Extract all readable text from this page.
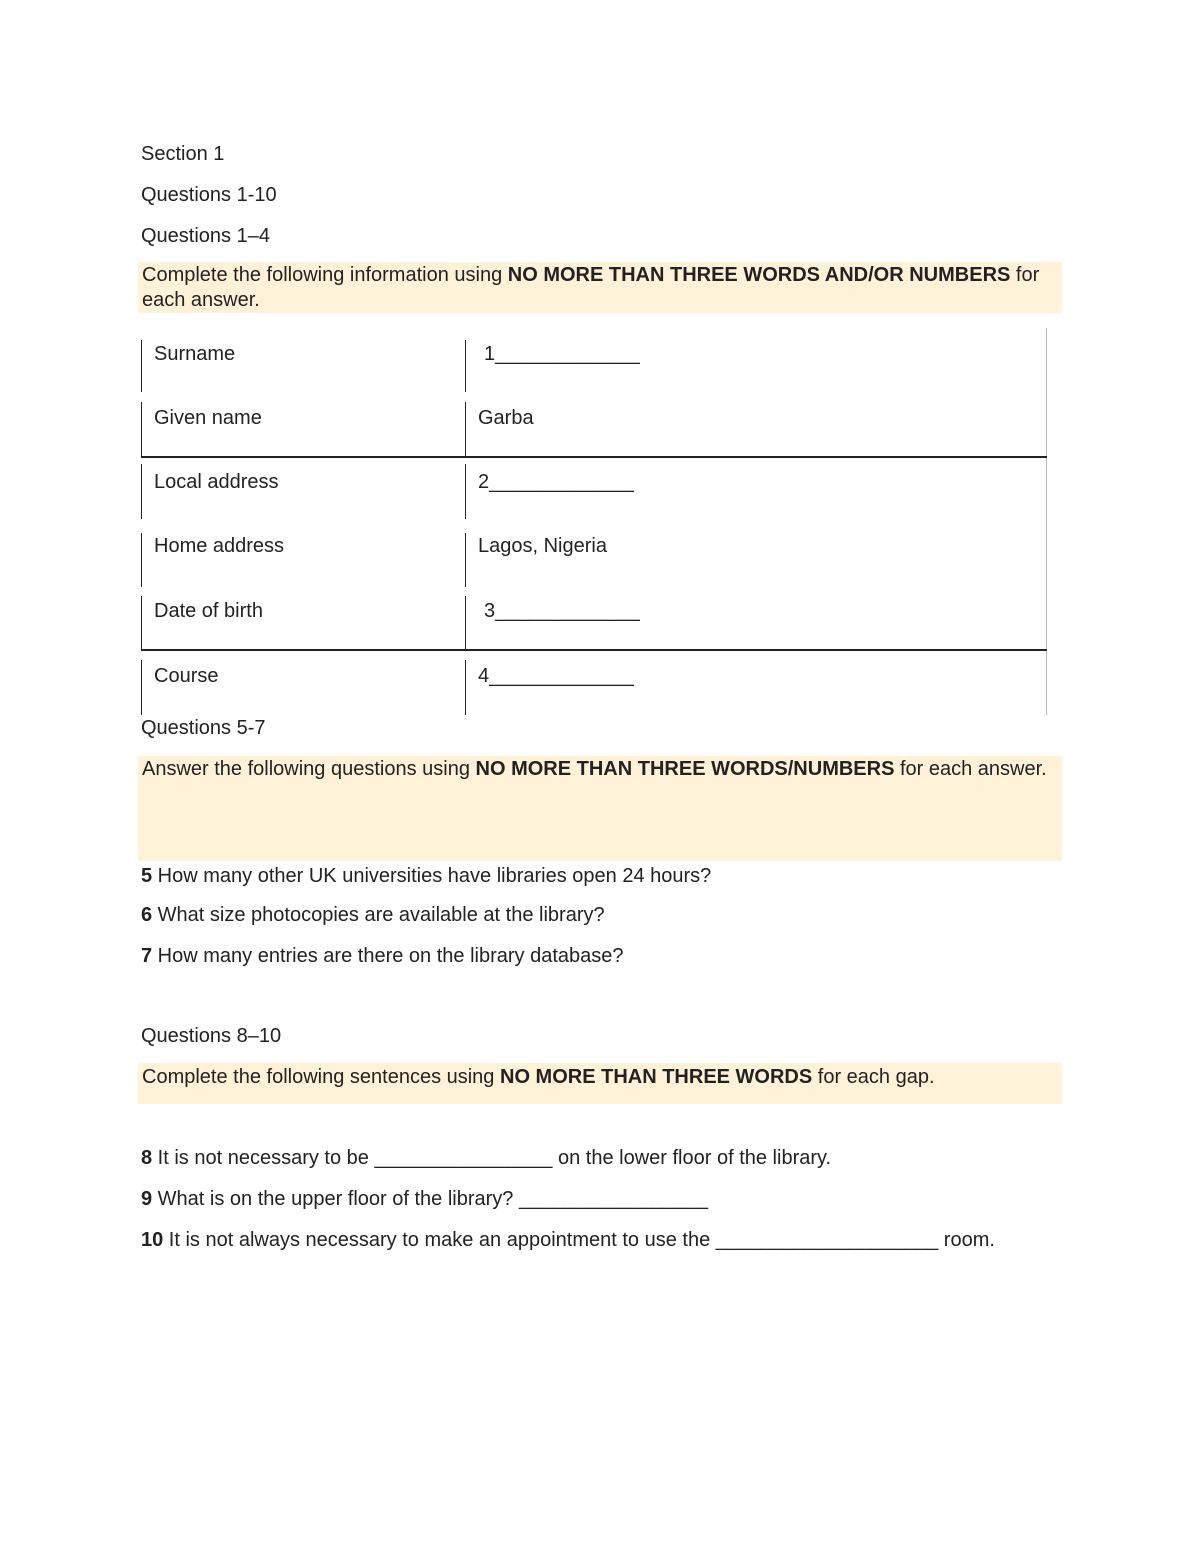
Section 1
Questions 1-10
Questions 1–4
Complete the following information using NO MORE THAN THREE WORDS AND/OR NUMBERS for each answer.
Surname	1_____________
Given name	Garba
Local address	2_____________
Home address	Lagos, Nigeria
Date of birth	3_____________
Course	4_____________
Questions 5-7
Answer the following questions using NO MORE THAN THREE WORDS/NUMBERS for each answer.
5 How many other UK universities have libraries open 24 hours?
6 What size photocopies are available at the library?
7 How many entries are there on the library database?
Questions 8–10
Complete the following sentences using NO MORE THAN THREE WORDS for each gap.
8 It is not necessary to be ________________ on the lower floor of the library.
9 What is on the upper floor of the library? _________________
10 It is not always necessary to make an appointment to use the ____________________ room.
